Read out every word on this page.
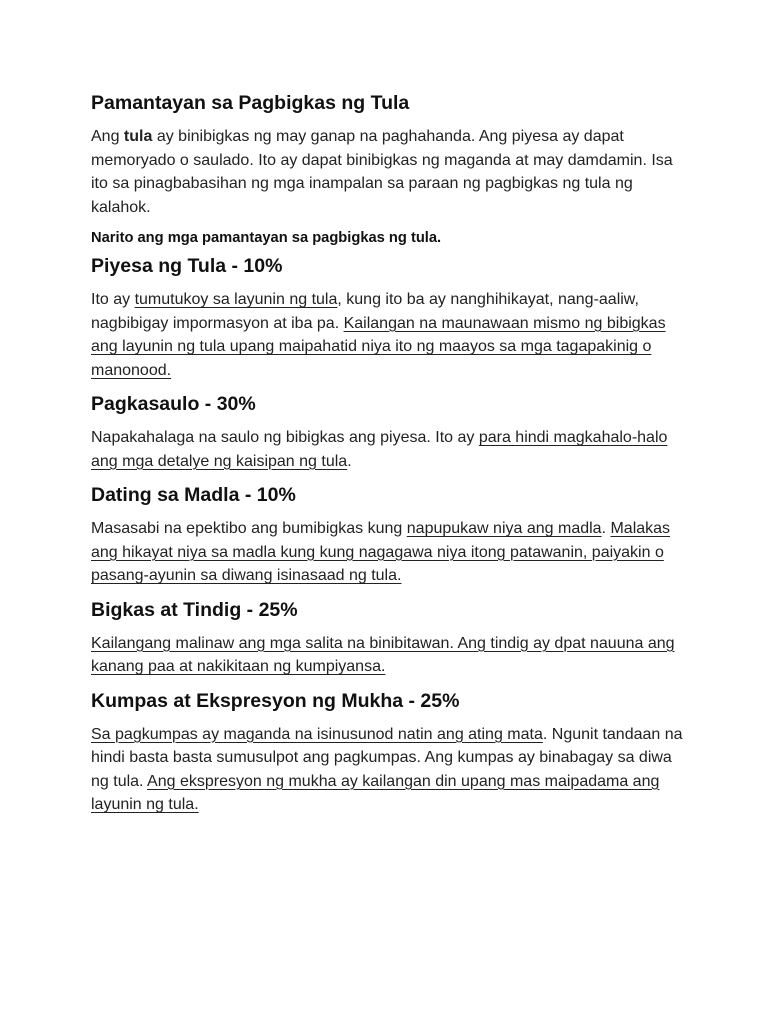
Pamantayan sa Pagbigkas ng Tula

Ang tula ay binibigkas ng may ganap na paghahanda. Ang piyesa ay dapat memoryado o saulado. Ito ay dapat binibigkas ng maganda at may damdamin. Isa ito sa pinagbabasihan ng mga inampalan sa paraan ng pagbigkas ng tula ng kalahok.

Narito ang mga pamantayan sa pagbigkas ng tula.

Piyesa ng Tula - 10%

Ito ay tumutukoy sa layunin ng tula, kung ito ba ay nanghihikayat, nang-aaliw, nagbibigay impormasyon at iba pa. Kailangan na maunawaan mismo ng bibigkas ang layunin ng tula upang maipahatid niya ito ng maayos sa mga tagapakinig o manonood.

Pagkasaulo - 30%

Napakahalaga na saulo ng bibigkas ang piyesa. Ito ay para hindi magkahalo-halo ang mga detalye ng kaisipan ng tula.

Dating sa Madla - 10%

Masasabi na epektibo ang bumibigkas kung napupukaw niya ang madla. Malakas ang hikayat niya sa madla kung kung nagagawa niya itong patawanin, paiyakin o pasang-ayunin sa diwang isinasaad ng tula.

Bigkas at Tindig - 25%

Kailangang malinaw ang mga salita na binibitawan. Ang tindig ay dpat nauuna ang kanang paa at nakikitaan ng kumpiyansa.

Kumpas at Ekspresyon ng Mukha - 25%

Sa pagkumpas ay maganda na isinusunod natin ang ating mata. Ngunit tandaan na hindi basta basta sumusulpot ang pagkumpas. Ang kumpas ay binabagay sa diwa ng tula. Ang ekspresyon ng mukha ay kailangan din upang mas maipadama ang layunin ng tula.
